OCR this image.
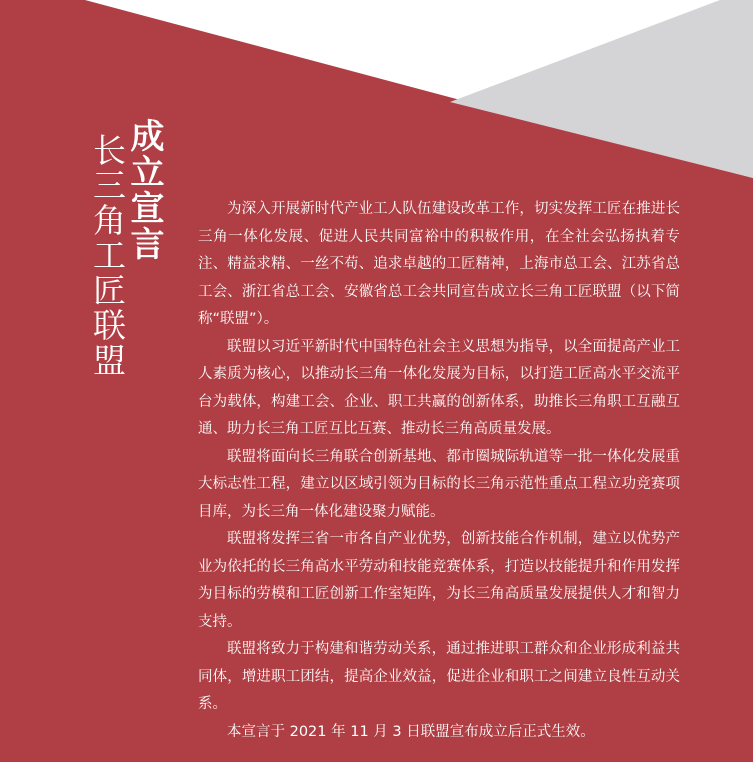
长三角工匠联盟
成立宣言	为深入开展新时代产业工人队伍建设改革工作，切实发挥工匠在推进长三角一体化发展、促进人民共同富裕中的积极作用，在全社会弘扬执着专注、精益求精、一丝不苟、追求卓越的工匠精神，上海市总工会、江苏省总工会、浙江省总工会、安徽省总工会共同宣告成立长三角工匠联盟（以下简称“联盟”）。

联盟以习近平新时代中国特色社会主义思想为指导，以全面提高产业工人素质为核心，以推动长三角一体化发展为目标，以打造工匠高水平交流平台为载体，构建工会、企业、职工共赢的创新体系，助推长三角职工互融互通、助力长三角工匠互比互赛、推动长三角高质量发展。

联盟将面向长三角联合创新基地、都市圈城际轨道等一批一体化发展重大标志性工程，建立以区域引领为目标的长三角示范性重点工程立功竞赛项目库，为长三角一体化建设聚力赋能。

联盟将发挥三省一市各自产业优势，创新技能合作机制，建立以优势产业为依托的长三角高水平劳动和技能竞赛体系，打造以技能提升和作用发挥为目标的劳模和工匠创新工作室矩阵，为长三角高质量发展提供人才和智力支持。

联盟将致力于构建和谐劳动关系，通过推进职工群众和企业形成利益共同体，增进职工团结，提高企业效益，促进企业和职工之间建立良性互动关系。

本宣言于 2021 年 11 月 3 日联盟宣布成立后正式生效。
